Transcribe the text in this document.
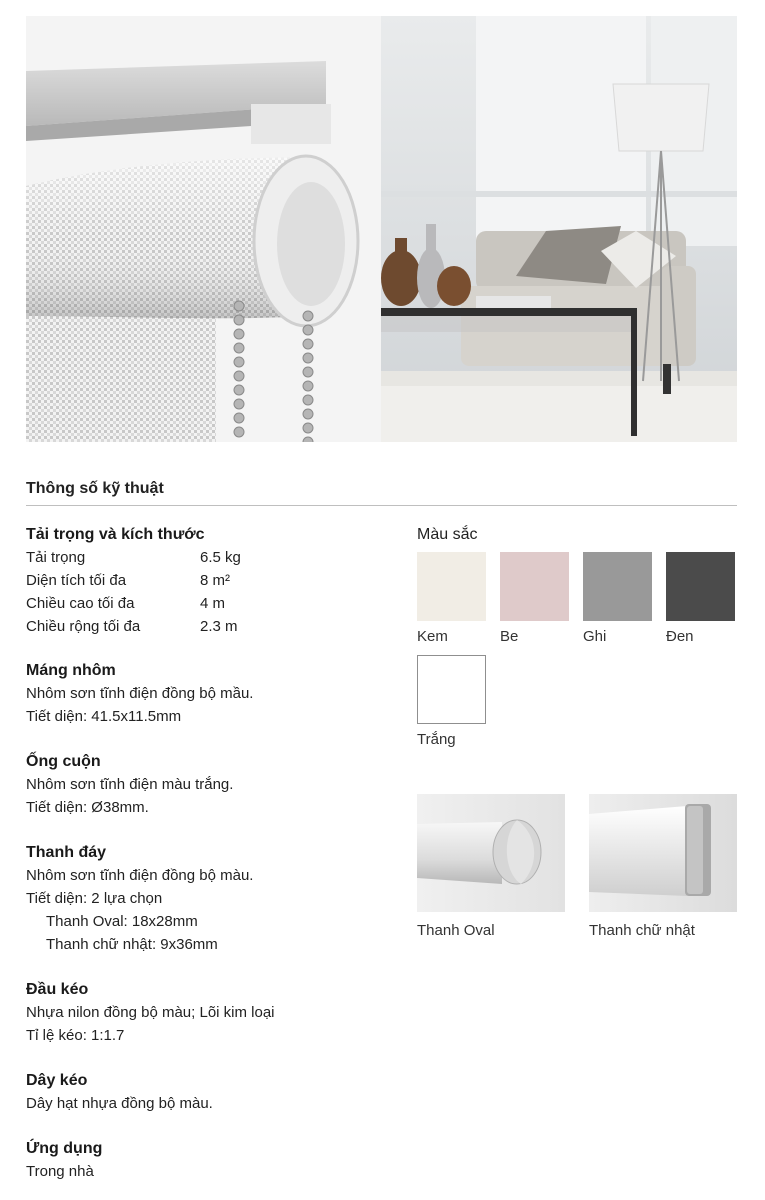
Thông số kỹ thuật
Tải trọng và kích thước
Tải trọng	6.5 kg
Diện tích tối đa	8 m²
Chiều cao tối đa	4 m
Chiều rộng tối đa	2.3 m
Máng nhôm
Nhôm sơn tĩnh điện đồng bộ mầu.
Tiết diện: 41.5x11.5mm
Ống cuộn
Nhôm sơn tĩnh điện màu trắng.
Tiết diện: Ø38mm.
Thanh đáy
Nhôm sơn tĩnh điện đồng bộ màu.
Tiết diện: 2 lựa chọn
Thanh Oval: 18x28mm
Thanh chữ nhật: 9x36mm
Đầu kéo
Nhựa nilon đồng bộ màu; Lõi kim loại
Tỉ lệ kéo: 1:1.7
Dây kéo
Dây hạt nhựa đồng bộ màu.
Ứng dụng
Trong nhà
Màu sắc
Kem	Be	Ghi	Đen
Trắng
Thanh Oval	Thanh chữ nhật
